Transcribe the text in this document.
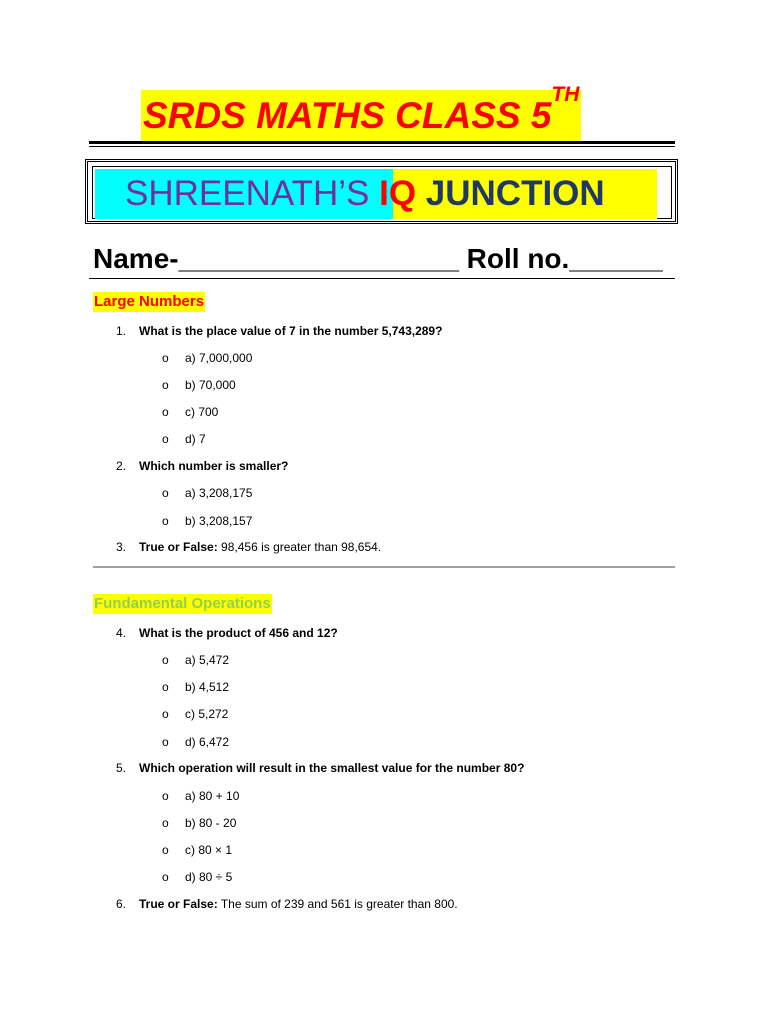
SRDS MATHS CLASS 5TH
SHREENATH’S IQ JUNCTION
Name-__________________ Roll no.______
Large Numbers
1. What is the place value of 7 in the number 5,743,289?
o a) 7,000,000
o b) 70,000
o c) 700
o d) 7
2. Which number is smaller?
o a) 3,208,175
o b) 3,208,157
3. True or False: 98,456 is greater than 98,654.
Fundamental Operations
4. What is the product of 456 and 12?
o a) 5,472
o b) 4,512
o c) 5,272
o d) 6,472
5. Which operation will result in the smallest value for the number 80?
o a) 80 + 10
o b) 80 - 20
o c) 80 × 1
o d) 80 ÷ 5
6. True or False: The sum of 239 and 561 is greater than 800.
